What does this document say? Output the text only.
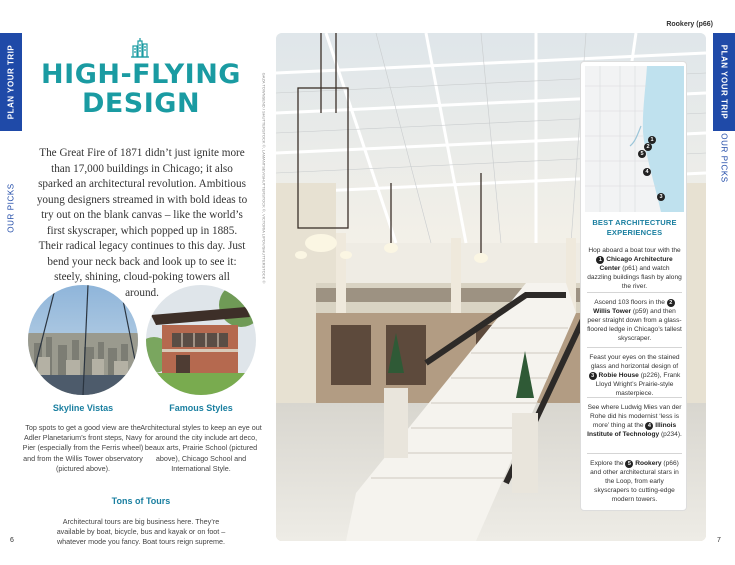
PLAN YOUR TRIP
OUR PICKS
PLAN YOUR TRIP
OUR PICKS
HIGH-FLYING
DESIGN
The Great Fire of 1871 didn’t just ignite more than 17,000 buildings in Chicago; it also sparked an architectural revolution. Ambitious young designers streamed in with bold ideas to try out on the blank canvas – like the world’s first skyscraper, which popped up in 1885. Their radical legacy continues to this day. Just bend your neck back and look up to see it: steely, shining, cloud-poking towers all around.
Skyline Vistas
Top spots to get a good view are the Adler Planetarium’s front steps, Navy Pier (especially from the Ferris wheel) and from the Willis Tower observatory (pictured above).
Famous Styles
Architectural styles to keep an eye out for around the city include art deco, beaux arts, Prairie School (pictured above), Chicago School and International Style.
Tons of Tours
Architectural tours are big business here. They’re available by boat, bicycle, bus and kayak or on foot – whatever mode you fancy. Boat tours reign supreme.
6	7
GAZA TOWNSEND / SHUTTERSTOCK ©, LAMANTSEV/SHUTTERSTOCK ©, VICTORIA LIPOV/SHUTTERSTOCK ©
Rookery (p66)
1
2
5
4
3
BEST ARCHITECTURE EXPERIENCES
Hop aboard a boat tour with the 1 Chicago Architecture Center (p61) and watch dazzling buildings flash by along the river.
Ascend 103 floors in the 2 Willis Tower (p59) and then peer straight down from a glass-floored ledge in Chicago’s tallest skyscraper.
Feast your eyes on the stained glass and horizontal design of 3 Robie House (p226), Frank Lloyd Wright’s Prairie-style masterpiece.
See where Ludwig Mies van der Rohe did his modernist ‘less is more’ thing at the 4 Illinois Institute of Technology (p234).
Explore the 5 Rookery (p66) and other architectural stars in the Loop, from early skyscrapers to cutting-edge modern towers.
